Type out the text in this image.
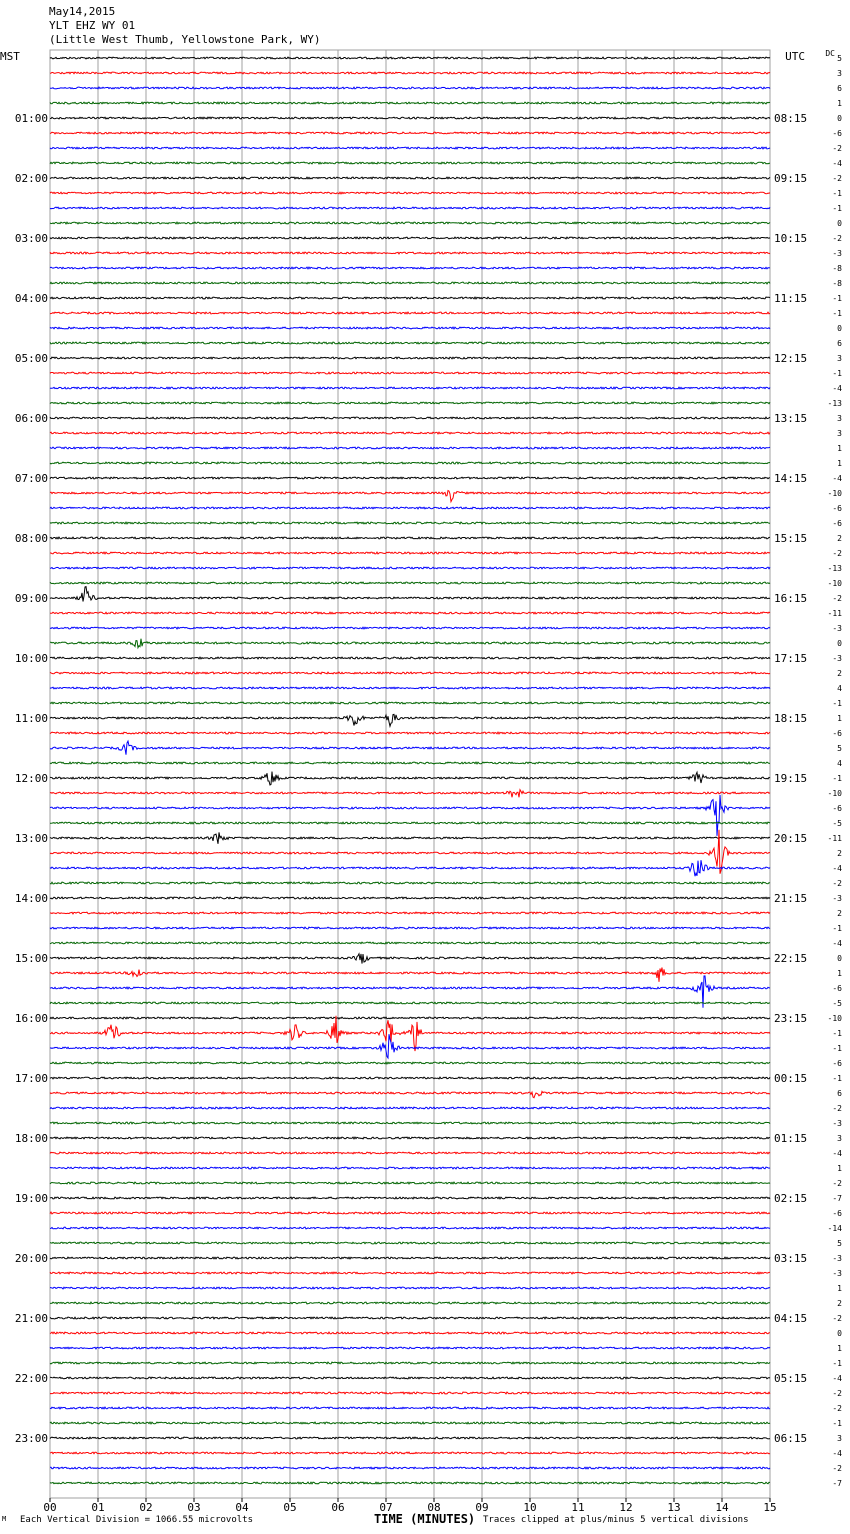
May14,2015
YLT EHZ WY 01
(Little West Thumb, Yellowstone Park, WY)
5
3
6
1
0
-6
-2
-4
-2
-1
-1
0
-2
-3
-8
-8
-1
-1
0
6
3
-1
-4
-13
3
3
1
1
-4
-10
-6
-6
2
-2
-13
-10
-2
-11
-3
0
-3
2
4
-1
1
-6
5
4
-1
-10
-6
-5
-11
2
-4
-2
-3
2
-1
-4
0
1
-6
-5
-10
-1
-1
-6
-1
6
-2
-3
3
-4
1
-2
-7
-6
-14
5
-3
-3
1
2
-2
0
1
-1
-4
-2
-2
-1
3
-4
-2
-7
MST	UTC	DC
01:00
02:00
03:00
04:00
05:00
06:00
07:00
08:00
09:00
10:00
11:00
12:00
13:00
14:00
15:00
16:00
17:00
18:00
19:00
20:00
21:00
22:00
23:00
08:15
09:15
10:15
11:15
12:15
13:15
14:15
15:15
16:15
17:15
18:15
19:15
20:15
21:15
22:15
23:15
00:15
01:15
02:15
03:15
04:15
05:15
06:15
00	01	02	03	04	05	06	07	08	09	10	11	12	13	14	15
M Each Vertical Division = 1066.55 microvolts	TIME (MINUTES) Traces clipped at plus/minus 5 vertical divisions
